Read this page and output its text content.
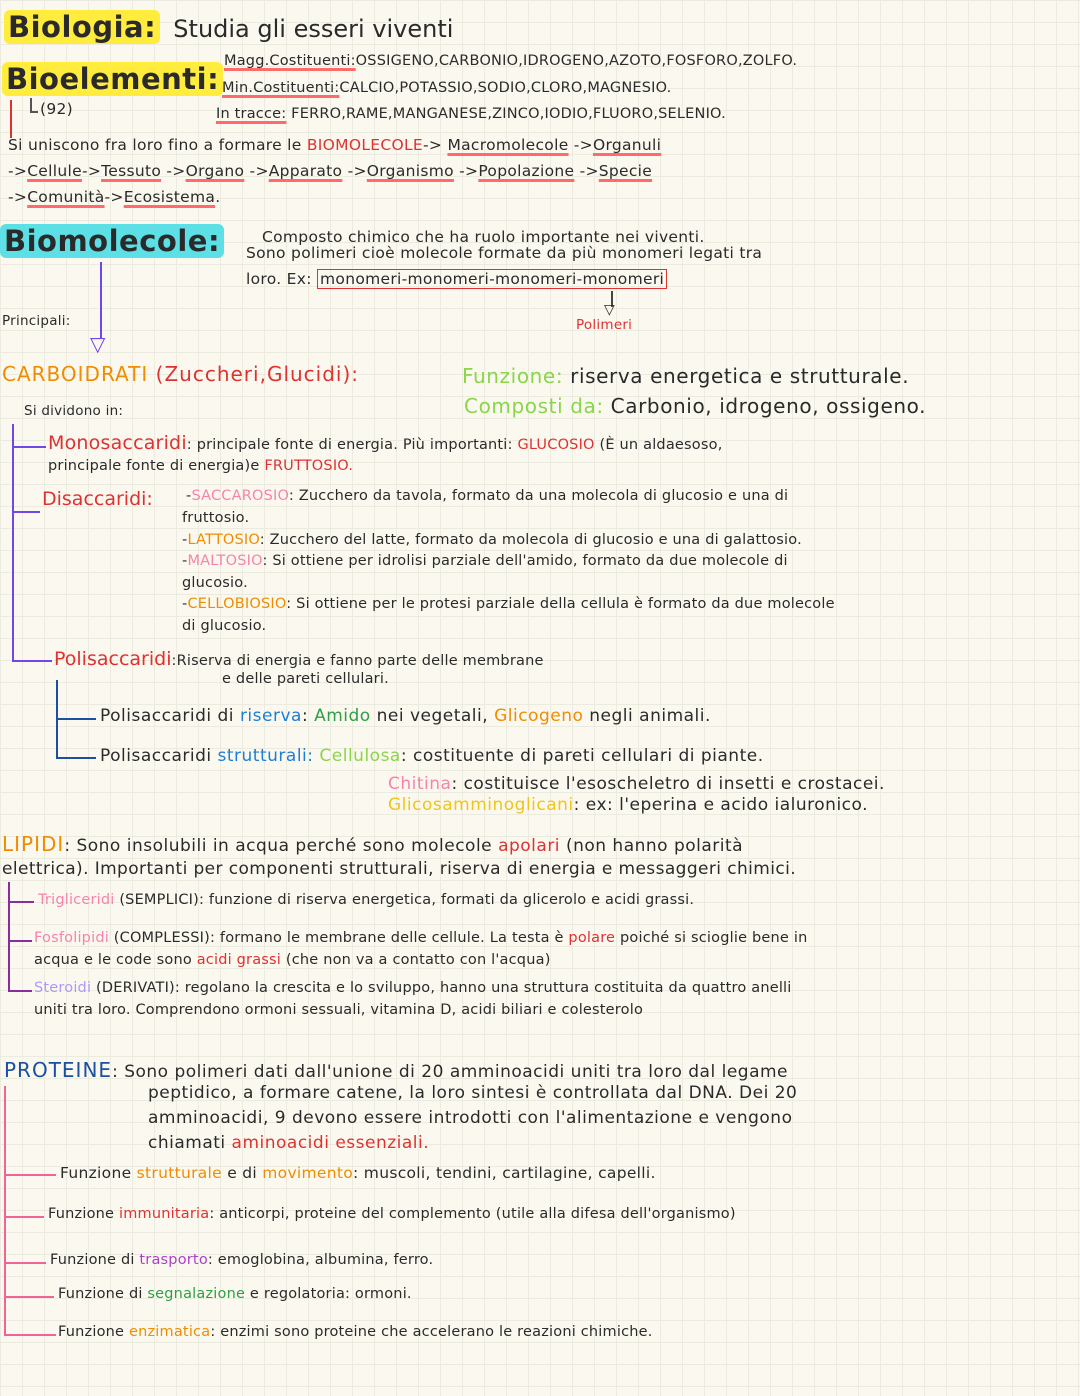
Biologia: Studia gli esseri viventi
Bioelementi:
(92)
Magg.Costituenti:OSSIGENO,CARBONIO,IDROGENO,AZOTO,FOSFORO,ZOLFO.
Min.Costituenti:CALCIO,POTASSIO,SODIO,CLORO,MAGNESIO.
In tracce: FERRO,RAME,MANGANESE,ZINCO,IODIO,FLUORO,SELENIO.
Si uniscono fra loro fino a formare le BIOMOLECOLE-> Macromolecole ->Organuli
->Cellule->Tessuto ->Organo ->Apparato ->Organismo ->Popolazione ->Specie
->Comunità->Ecosistema.
Biomolecole:	Composto chimico che ha ruolo importante nei viventi.
Sono polimeri cioè molecole formate da più monomeri legati tra
loro. Ex: monomeri-monomeri-monomeri-monomeri
▽
Polimeri
Principali:
▽
CARBOIDRATI (Zuccheri,Glucidi):	Funzione: riserva energetica e strutturale.
Composti da: Carbonio, idrogeno, ossigeno.
Si dividono in:
Monosaccaridi: principale fonte di energia. Più importanti: GLUCOSIO (È un aldaesoso,
principale fonte di energia)e FRUTTOSIO.
Disaccaridi: -SACCAROSIO: Zucchero da tavola, formato da una molecola di glucosio e una di
fruttosio.
-LATTOSIO: Zucchero del latte, formato da molecola di glucosio e una di galattosio.
-MALTOSIO: Si ottiene per idrolisi parziale dell'amido, formato da due molecole di
glucosio.
-CELLOBIOSIO: Si ottiene per le protesi parziale della cellula è formato da due molecole
di glucosio.
Polisaccaridi:Riserva di energia e fanno parte delle membrane
e delle pareti cellulari.
Polisaccaridi di riserva: Amido nei vegetali, Glicogeno negli animali.
Polisaccaridi strutturali: Cellulosa: costituente di pareti cellulari di piante.
Chitina: costituisce l'esoscheletro di insetti e crostacei.
Glicosamminoglicani: ex: l'eperina e acido ialuronico.
LIPIDI: Sono insolubili in acqua perché sono molecole apolari (non hanno polarità
elettrica). Importanti per componenti strutturali, riserva di energia e messaggeri chimici.
Trigliceridi (SEMPLICI): funzione di riserva energetica, formati da glicerolo e acidi grassi.
Fosfolipidi (COMPLESSI): formano le membrane delle cellule. La testa è polare poiché si scioglie bene in
acqua e le code sono acidi grassi (che non va a contatto con l'acqua)
Steroidi (DERIVATI): regolano la crescita e lo sviluppo, hanno una struttura costituita da quattro anelli
uniti tra loro. Comprendono ormoni sessuali, vitamina D, acidi biliari e colesterolo
PROTEINE: Sono polimeri dati dall'unione di 20 amminoacidi uniti tra loro dal legame
peptidico, a formare catene, la loro sintesi è controllata dal DNA. Dei 20
amminoacidi, 9 devono essere introdotti con l'alimentazione e vengono
chiamati aminoacidi essenziali.
Funzione strutturale e di movimento: muscoli, tendini, cartilagine, capelli.
Funzione immunitaria: anticorpi, proteine del complemento (utile alla difesa dell'organismo)
Funzione di trasporto: emoglobina, albumina, ferro.
Funzione di segnalazione e regolatoria: ormoni.
Funzione enzimatica: enzimi sono proteine che accelerano le reazioni chimiche.
